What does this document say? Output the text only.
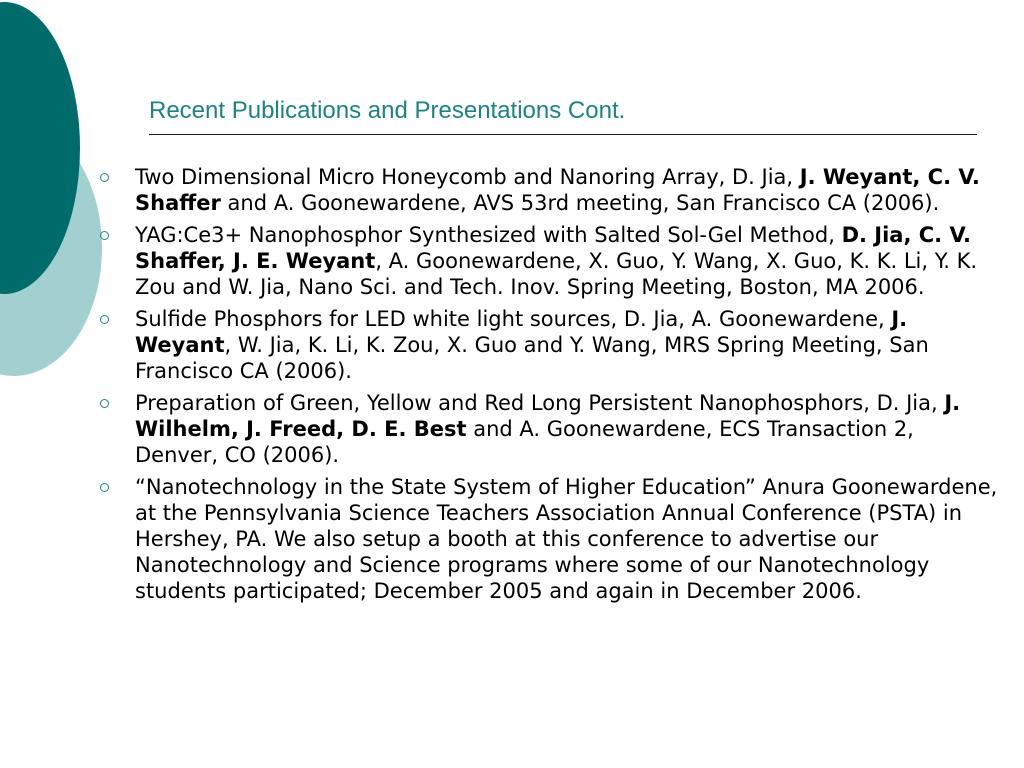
Recent Publications and Presentations Cont.
Two Dimensional Micro Honeycomb and Nanoring Array, D. Jia, J. Weyant, C. V. Shaffer and A. Goonewardene, AVS 53rd meeting, San Francisco CA (2006).
YAG:Ce3+ Nanophosphor Synthesized with Salted Sol-Gel Method, D. Jia, C. V. Shaffer, J. E. Weyant, A. Goonewardene, X. Guo, Y. Wang, X. Guo, K. K. Li, Y. K. Zou and W. Jia, Nano Sci. and Tech. Inov. Spring Meeting, Boston, MA 2006.
Sulfide Phosphors for LED white light sources, D. Jia, A. Goonewardene, J. Weyant, W. Jia, K. Li, K. Zou, X. Guo and Y. Wang, MRS Spring Meeting, San Francisco CA (2006).
Preparation of Green, Yellow and Red Long Persistent Nanophosphors, D. Jia, J. Wilhelm, J. Freed, D. E. Best and A. Goonewardene, ECS Transaction 2, Denver, CO (2006).
“Nanotechnology in the State System of Higher Education” Anura Goonewardene, at the Pennsylvania Science Teachers Association Annual Conference (PSTA) in Hershey, PA. We also setup a booth at this conference to advertise our Nanotechnology and Science programs where some of our Nanotechnology students participated; December 2005 and again in December 2006.
